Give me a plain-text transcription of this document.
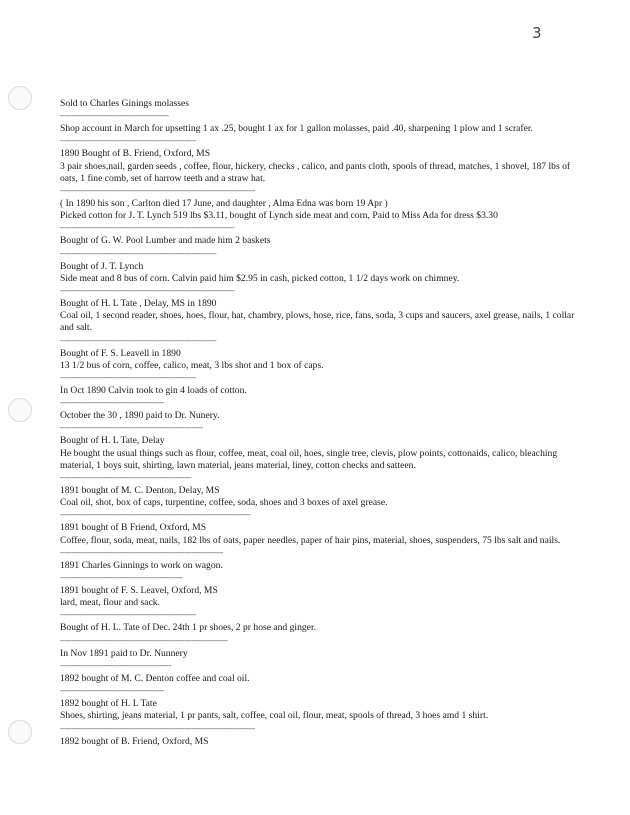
3

Sold to Charles Ginings molasses

------------------------------------------------

Shop account in March for upsetting 1 ax .25, bought 1 ax for 1 gallon molasses, paid .40, sharpening 1 plow and 1 scrafer.

------------------------------------------------------------

1890 Bought of B. Friend, Oxford, MS

3 pair shoes,nail, garden seeds , coffee, flour, hickery, checks , calico, and pants cloth, spools of thread, matches, 1 shovel, 187 lbs of oats, 1 fine comb, set of harrow teeth and a straw hat.

--------------------------------------------------------------------------------------

( In 1890 his son , Carlton died 17 June, and daughter , Alma Edna was born 19 Apr )

Picked cotton for J. T. Lynch 519 lbs $3.11, bought of Lynch side meat and corn, Paid to Miss Ada for dress $3.30

-----------------------------------------------------------------------------

Bought of G. W. Pool Lumber and made him 2 baskets

---------------------------------------------------------------------

Bought of J. T. Lynch

Side meat and 8 bus of corn. Calvin paid him $2.95 in cash, picked cotton, 1 1/2 days work on chimney.

-----------------------------------------------------------------------------

Bought of H. L Tate , Delay, MS in 1890

Coal oil, 1 second reader, shoes, hoes, flour, hat, chambry, plows, hose, rice, fans, soda, 3 cups and saucers, axel grease, nails, 1 collar and salt.

---------------------------------------------------------------------

Bought of F. S. Leavell in 1890

13 1/2 bus of corn, coffee, calico, meat, 3 lbs shot and 1 box of caps.

------------------------------------------------------------

In Oct 1890 Calvin took to gin 4 loads of cotton.

----------------------------------------------

October the 30 , 1890 paid to Dr. Nunery.

---------------------------------------------------------------

Bought of H. L Tate, Delay

He bought the usual things such as flour, coffee, meat, coal oil, hoes, single tree, clevis, plow points, cottonaids, calico, bleaching material, 1 boys suit, shirting, lawn material, jeans material, liney, cotton checks and satteen.

----------------------------------------------------------

1891 bought of M. C. Denton, Delay, MS

Coal oil, shot, box of caps, turpentine, coffee, soda, shoes and 3 boxes of axel grease.

------------------------------------------------------------------------------------

1891 bought of B Friend, Oxford, MS

Coffee, flour, soda, meat, nails, 182 lbs of oats, paper needles, paper of hair pins, material, shoes, suspenders, 75 lbs salt and nails.

------------------------------------------------------------------------

1891 Charles Ginnings to work on wagon.

------------------------------------------------------

1891 bought of F. S. Leavel, Oxford, MS

lard, meat, flour and sack.

------------------------------------------------------------

Bought of H. L. Tate of Dec. 24th 1 pr shoes, 2 pr hose and ginger.

--------------------------------------------------------------------------

In Nov 1891 paid to Dr. Nunnery

-------------------------------------------------

1892 bought of M. C. Denton coffee and coal oil.

----------------------------------------------

1892 bought of H. L Tate

Shoes, shirting, jeans material, 1 pr pants, salt, coffee, coal oil, flour, meat, spools of thread, 3 hoes amd 1 shirt.

--------------------------------------------------------------------------------------

1892 bought of B. Friend, Oxford, MS
